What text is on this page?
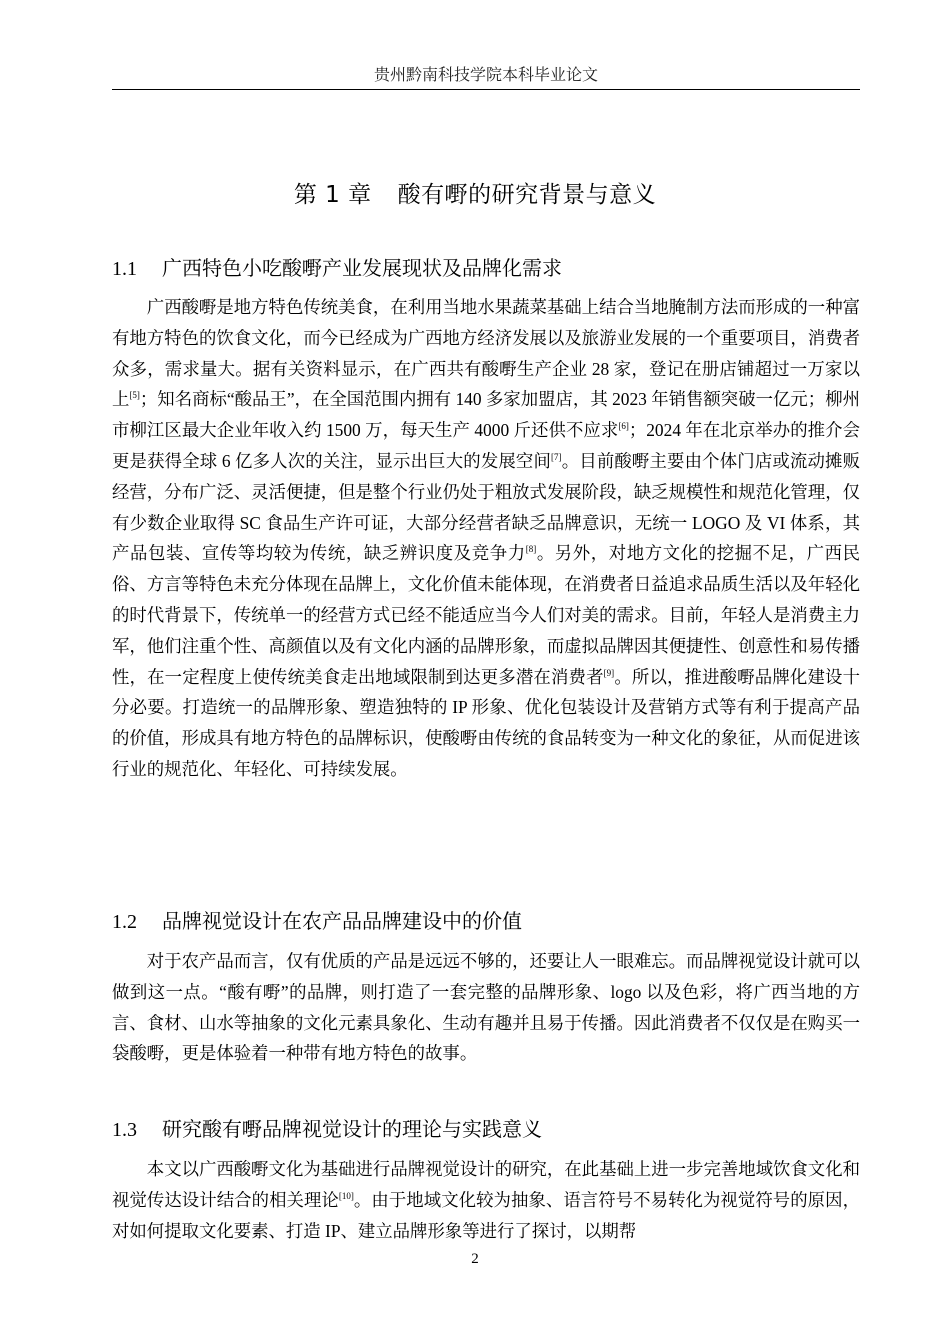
贵州黔南科技学院本科毕业论文
第 1 章 酸有嘢的研究背景与意义
1.1 广西特色小吃酸嘢产业发展现状及品牌化需求

广西酸嘢是地方特色传统美食，在利用当地水果蔬菜基础上结合当地腌制方法而形成的一种富有地方特色的饮食文化，而今已经成为广西地方经济发展以及旅游业发展的一个重要项目，消费者众多，需求量大。据有关资料显示，在广西共有酸嘢生产企业 28 家，登记在册店铺超过一万家以上[5]；知名商标“酸品王”，在全国范围内拥有 140 多家加盟店，其 2023 年销售额突破一亿元；柳州市柳江区最大企业年收入约 1500 万，每天生产 4000 斤还供不应求[6]；2024 年在北京举办的推介会更是获得全球 6 亿多人次的关注，显示出巨大的发展空间[7]。目前酸嘢主要由个体门店或流动摊贩经营，分布广泛、灵活便捷，但是整个行业仍处于粗放式发展阶段，缺乏规模性和规范化管理，仅有少数企业取得 SC 食品生产许可证，大部分经营者缺乏品牌意识，无统一 LOGO 及 VI 体系，其产品包装、宣传等均较为传统，缺乏辨识度及竞争力[8]。另外，对地方文化的挖掘不足，广西民俗、方言等特色未充分体现在品牌上，文化价值未能体现，在消费者日益追求品质生活以及年轻化的时代背景下，传统单一的经营方式已经不能适应当今人们对美的需求。目前，年轻人是消费主力军，他们注重个性、高颜值以及有文化内涵的品牌形象，而虚拟品牌因其便捷性、创意性和易传播性，在一定程度上使传统美食走出地域限制到达更多潜在消费者[9]。所以，推进酸嘢品牌化建设十分必要。打造统一的品牌形象、塑造独特的 IP 形象、优化包装设计及营销方式等有利于提高产品的价值，形成具有地方特色的品牌标识，使酸嘢由传统的食品转变为一种文化的象征，从而促进该行业的规范化、年轻化、可持续发展。

1.2 品牌视觉设计在农产品品牌建设中的价值

对于农产品而言，仅有优质的产品是远远不够的，还要让人一眼难忘。而品牌视觉设计就可以做到这一点。“酸有嘢”的品牌，则打造了一套完整的品牌形象、logo 以及色彩，将广西当地的方言、食材、山水等抽象的文化元素具象化、生动有趣并且易于传播。因此消费者不仅仅是在购买一袋酸嘢，更是体验着一种带有地方特色的故事。

1.3 研究酸有嘢品牌视觉设计的理论与实践意义

本文以广西酸嘢文化为基础进行品牌视觉设计的研究，在此基础上进一步完善地域饮食文化和视觉传达设计结合的相关理论[10]。由于地域文化较为抽象、语言符号不易转化为视觉符号的原因，对如何提取文化要素、打造 IP、建立品牌形象等进行了探讨，以期帮

2
